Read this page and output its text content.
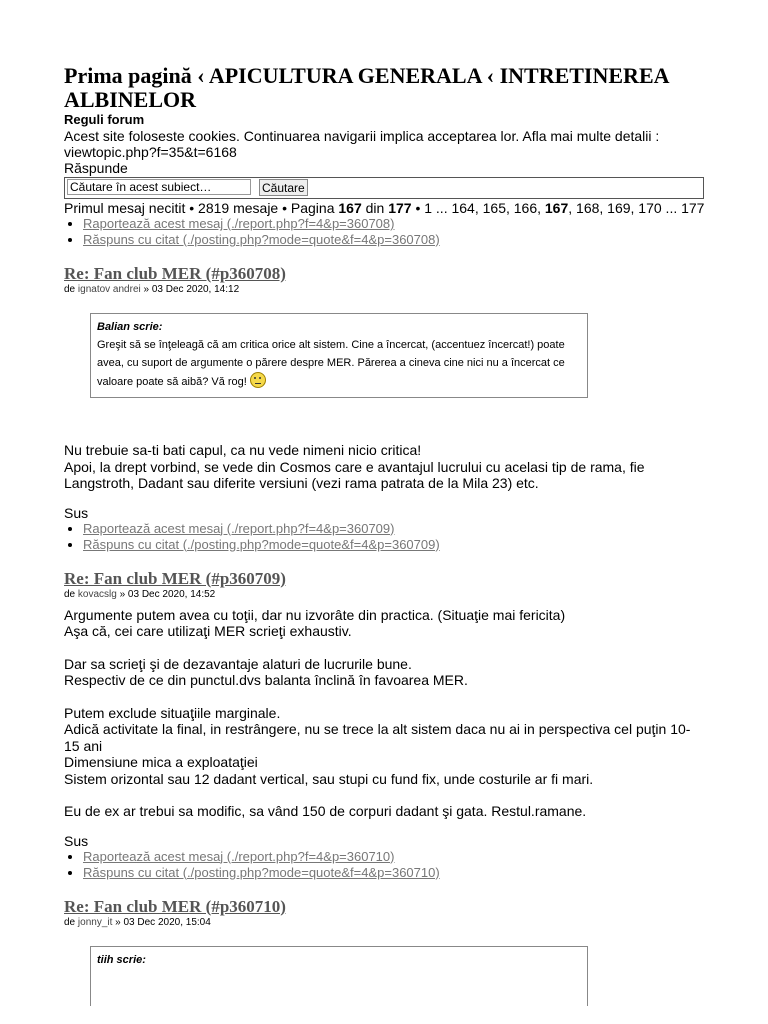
Prima pagină ‹ APICULTURA GENERALA ‹ INTRETINEREA ALBINELOR
Reguli forum
Acest site foloseste cookies. Continuarea navigarii implica acceptarea lor. Afla mai multe detalii :
viewtopic.php?f=35&t=6168
Răspunde
Căutare în acest subiect…
Căutare
Primul mesaj necitit • 2819 mesaje • Pagina 167 din 177 • 1 ... 164, 165, 166, 167, 168, 169, 170 ... 177
• Raportează acest mesaj (./report.php?f=4&p=360708)
• Răspuns cu citat (./posting.php?mode=quote&f=4&p=360708)
Re: Fan club MER (#p360708)
de ignatov andrei » 03 Dec 2020, 14:12
Balian scrie:
Greşit să se înţeleagă că am critica orice alt sistem. Cine a încercat, (accentuez încercat!) poate avea, cu suport de argumente o părere despre MER. Părerea a cineva cine nici nu a încercat ce valoare poate să aibă? Vă rog!

Nu trebuie sa-ti bati capul, ca nu vede nimeni nicio critica!

Apoi, la drept vorbind, se vede din Cosmos care e avantajul lucrului cu acelasi tip de rama, fie Langstroth, Dadant sau diferite versiuni (vezi rama patrata de la Mila 23) etc.

Sus
• Raportează acest mesaj (./report.php?f=4&p=360709)
• Răspuns cu citat (./posting.php?mode=quote&f=4&p=360709)
Re: Fan club MER (#p360709)
de kovacslg » 03 Dec 2020, 14:52

Argumente putem avea cu toţii, dar nu izvorâte din practica. (Situaţie mai fericita)

Aşa că, cei care utilizaţi MER scrieţi exhaustiv.

Dar sa scrieţi şi de dezavantaje alaturi de lucrurile bune.

Respectiv de ce din punctul.dvs balanta înclină în favoarea MER.

Putem exclude situaţiile marginale.

Adică activitate la final, in restrângere, nu se trece la alt sistem daca nu ai in perspectiva cel puţin 10-15 ani

Dimensiune mica a exploataţiei

Sistem orizontal sau 12 dadant vertical, sau stupi cu fund fix, unde costurile ar fi mari.

Eu de ex ar trebui sa modific, sa vând 150 de corpuri dadant şi gata. Restul.ramane.

Sus
• Raportează acest mesaj (./report.php?f=4&p=360710)
• Răspuns cu citat (./posting.php?mode=quote&f=4&p=360710)
Re: Fan club MER (#p360710)
de jonny_it » 03 Dec 2020, 15:04
tiih scrie:
